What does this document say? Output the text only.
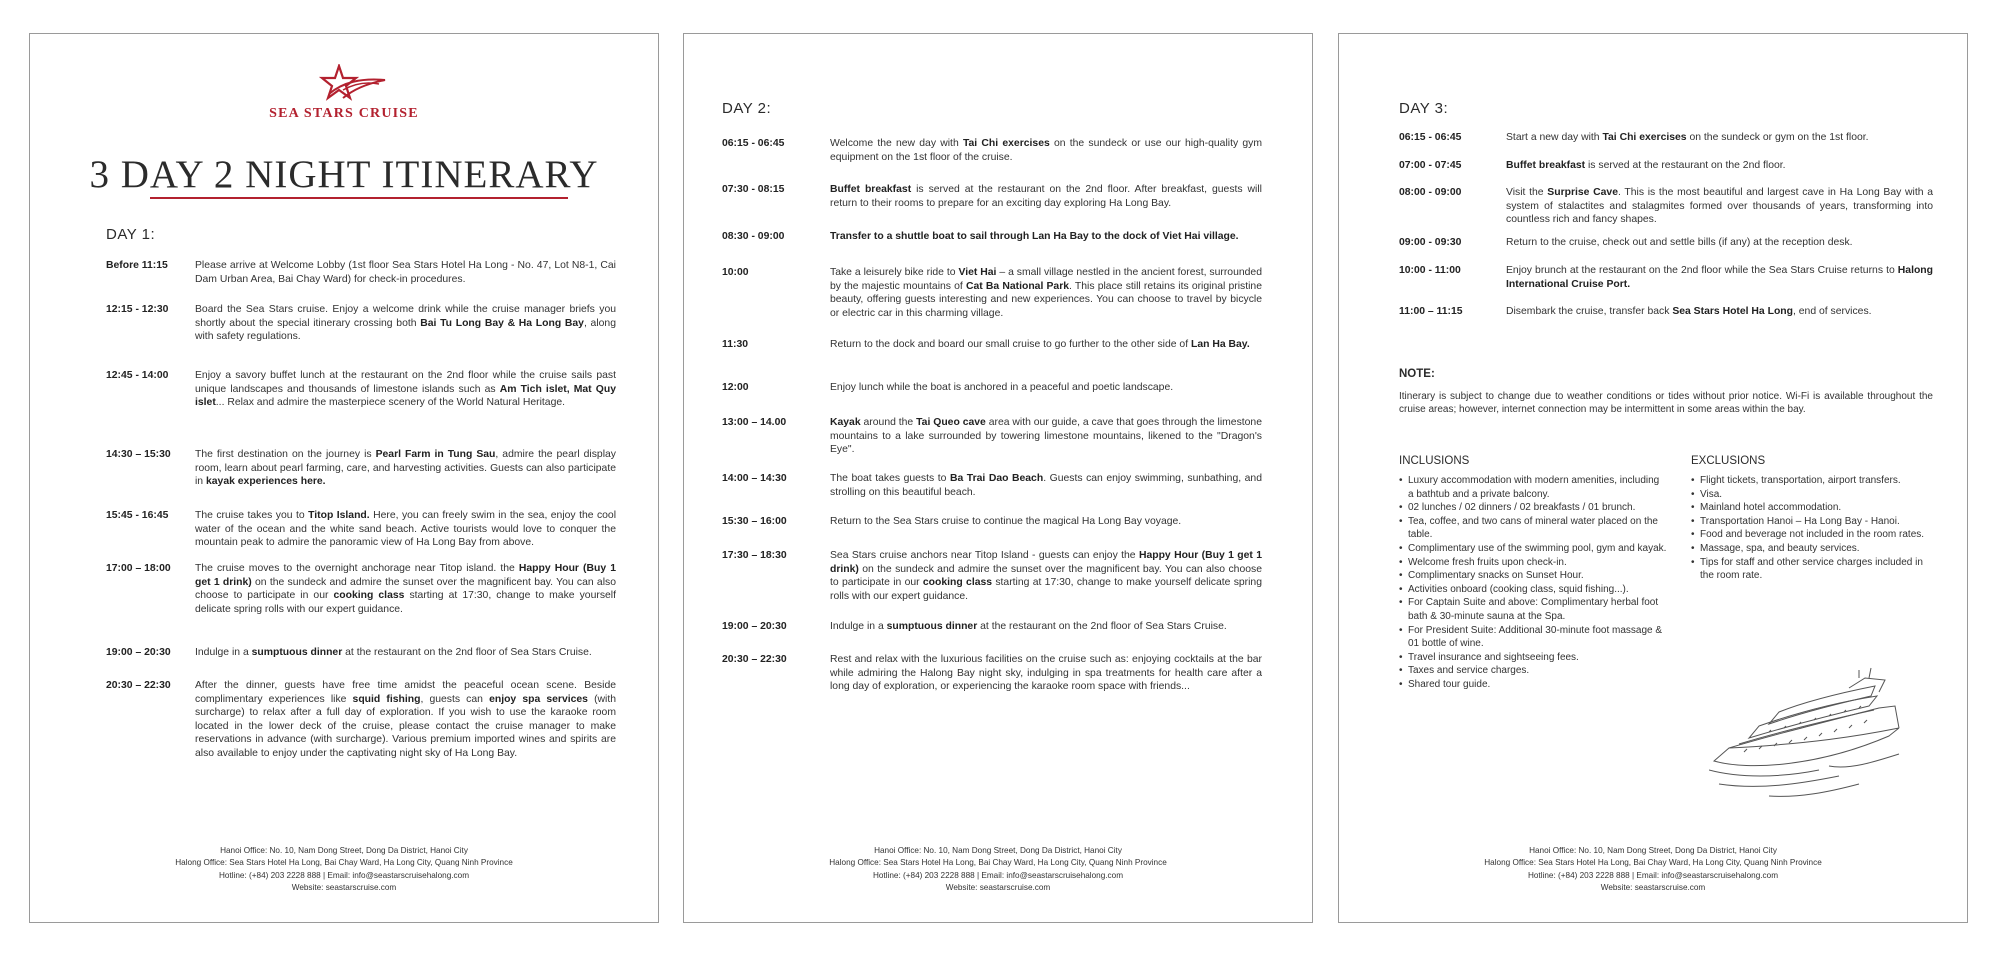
SEA STARS CRUISE
3 DAY 2 NIGHT ITINERARY
DAY 1:
Before 11:15	Please arrive at Welcome Lobby (1st floor Sea Stars Hotel Ha Long - No. 47, Lot N8-1, Cai Dam Urban Area, Bai Chay Ward) for check-in procedures.
12:15 - 12:30	Board the Sea Stars cruise. Enjoy a welcome drink while the cruise manager briefs you shortly about the special itinerary crossing both Bai Tu Long Bay & Ha Long Bay, along with safety regulations.
12:45 - 14:00	Enjoy a savory buffet lunch at the restaurant on the 2nd floor while the cruise sails past unique landscapes and thousands of limestone islands such as Am Tich islet, Mat Quy islet... Relax and admire the masterpiece scenery of the World Natural Heritage.
14:30 – 15:30 The first destination on the journey is Pearl Farm in Tung Sau, admire the pearl display room, learn about pearl farming, care, and harvesting activities. Guests can also participate in kayak experiences here.
15:45 - 16:45	The cruise takes you to Titop Island. Here, you can freely swim in the sea, enjoy the cool water of the ocean and the white sand beach. Active tourists would love to conquer the mountain peak to admire the panoramic view of Ha Long Bay from above.
17:00 – 18:00 The cruise moves to the overnight anchorage near Titop island. the Happy Hour (Buy 1 get 1 drink) on the sundeck and admire the sunset over the magnificent bay. You can also choose to participate in our cooking class starting at 17:30, change to make yourself delicate spring rolls with our expert guidance.
19:00 – 20:30 Indulge in a sumptuous dinner at the restaurant on the 2nd floor of Sea Stars Cruise.
20:30 – 22:30 After the dinner, guests have free time amidst the peaceful ocean scene. Beside complimentary experiences like squid fishing, guests can enjoy spa services (with surcharge) to relax after a full day of exploration. If you wish to use the karaoke room located in the lower deck of the cruise, please contact the cruise manager to make reservations in advance (with surcharge). Various premium imported wines and spirits are also available to enjoy under the captivating night sky of Ha Long Bay.
Hanoi Office: No. 10, Nam Dong Street, Dong Da District, Hanoi City
Halong Office: Sea Stars Hotel Ha Long, Bai Chay Ward, Ha Long City, Quang Ninh Province
Hotline: (+84) 203 2228 888 | Email: info@seastarscruisehalong.com
Website: seastarscruise.com
DAY 2:
06:15 - 06:45	Welcome the new day with Tai Chi exercises on the sundeck or use our high-quality gym equipment on the 1st floor of the cruise.
07:30 - 08:15	Buffet breakfast is served at the restaurant on the 2nd floor. After breakfast, guests will return to their rooms to prepare for an exciting day exploring Ha Long Bay.
08:30 - 09:00	Transfer to a shuttle boat to sail through Lan Ha Bay to the dock of Viet Hai village.
10:00	Take a leisurely bike ride to Viet Hai – a small village nestled in the ancient forest, surrounded by the majestic mountains of Cat Ba National Park. This place still retains its original pristine beauty, offering guests interesting and new experiences. You can choose to travel by bicycle or electric car in this charming village.
11:30	Return to the dock and board our small cruise to go further to the other side of Lan Ha Bay.
12:00	Enjoy lunch while the boat is anchored in a peaceful and poetic landscape.
13:00 – 14.00	Kayak around the Tai Queo cave area with our guide, a cave that goes through the limestone mountains to a lake surrounded by towering limestone mountains, likened to the "Dragon's Eye".
14:00 – 14:30	The boat takes guests to Ba Trai Dao Beach. Guests can enjoy swimming, sunbathing, and strolling on this beautiful beach.
15:30 – 16:00	Return to the Sea Stars cruise to continue the magical Ha Long Bay voyage.
17:30 – 18:30	Sea Stars cruise anchors near Titop Island - guests can enjoy the Happy Hour (Buy 1 get 1 drink) on the sundeck and admire the sunset over the magnificent bay. You can also choose to participate in our cooking class starting at 17:30, change to make yourself delicate spring rolls with our expert guidance.
19:00 – 20:30	Indulge in a sumptuous dinner at the restaurant on the 2nd floor of Sea Stars Cruise.
20:30 – 22:30	Rest and relax with the luxurious facilities on the cruise such as: enjoying cocktails at the bar while admiring the Halong Bay night sky, indulging in spa treatments for health care after a long day of exploration, or experiencing the karaoke room space with friends...
Hanoi Office: No. 10, Nam Dong Street, Dong Da District, Hanoi City
Halong Office: Sea Stars Hotel Ha Long, Bai Chay Ward, Ha Long City, Quang Ninh Province
Hotline: (+84) 203 2228 888 | Email: info@seastarscruisehalong.com
Website: seastarscruise.com
DAY 3:
06:15 - 06:45	Start a new day with Tai Chi exercises on the sundeck or gym on the 1st floor.
07:00 - 07:45	Buffet breakfast is served at the restaurant on the 2nd floor.
08:00 - 09:00	Visit the Surprise Cave. This is the most beautiful and largest cave in Ha Long Bay with a system of stalactites and stalagmites formed over thousands of years, transforming into countless rich and fancy shapes.
09:00 - 09:30	Return to the cruise, check out and settle bills (if any) at the reception desk.
10:00 - 11:00	Enjoy brunch at the restaurant on the 2nd floor while the Sea Stars Cruise returns to Halong International Cruise Port.
11:00 – 11:15	Disembark the cruise, transfer back Sea Stars Hotel Ha Long, end of services.
NOTE:
Itinerary is subject to change due to weather conditions or tides without prior notice. Wi-Fi is available throughout the cruise areas; however, internet connection may be intermittent in some areas within the bay.
INCLUSIONS
• Luxury accommodation with modern amenities, including a bathtub and a private balcony.
• 02 lunches / 02 dinners / 02 breakfasts / 01 brunch.
• Tea, coffee, and two cans of mineral water placed on the table.
• Complimentary use of the swimming pool, gym and kayak.
• Welcome fresh fruits upon check-in.
• Complimentary snacks on Sunset Hour.
• Activities onboard (cooking class, squid fishing...).
• For Captain Suite and above: Complimentary herbal foot bath & 30-minute sauna at the Spa.
• For President Suite: Additional 30-minute foot massage & 01 bottle of wine.
• Travel insurance and sightseeing fees.
• Taxes and service charges.
• Shared tour guide.
EXCLUSIONS
• Flight tickets, transportation, airport transfers.
• Visa.
• Mainland hotel accommodation.
• Transportation Hanoi – Ha Long Bay - Hanoi.
• Food and beverage not included in the room rates.
• Massage, spa, and beauty services.
• Tips for staff and other service charges included in the room rate.
Hanoi Office: No. 10, Nam Dong Street, Dong Da District, Hanoi City
Halong Office: Sea Stars Hotel Ha Long, Bai Chay Ward, Ha Long City, Quang Ninh Province
Hotline: (+84) 203 2228 888 | Email: info@seastarscruisehalong.com
Website: seastarscruise.com
